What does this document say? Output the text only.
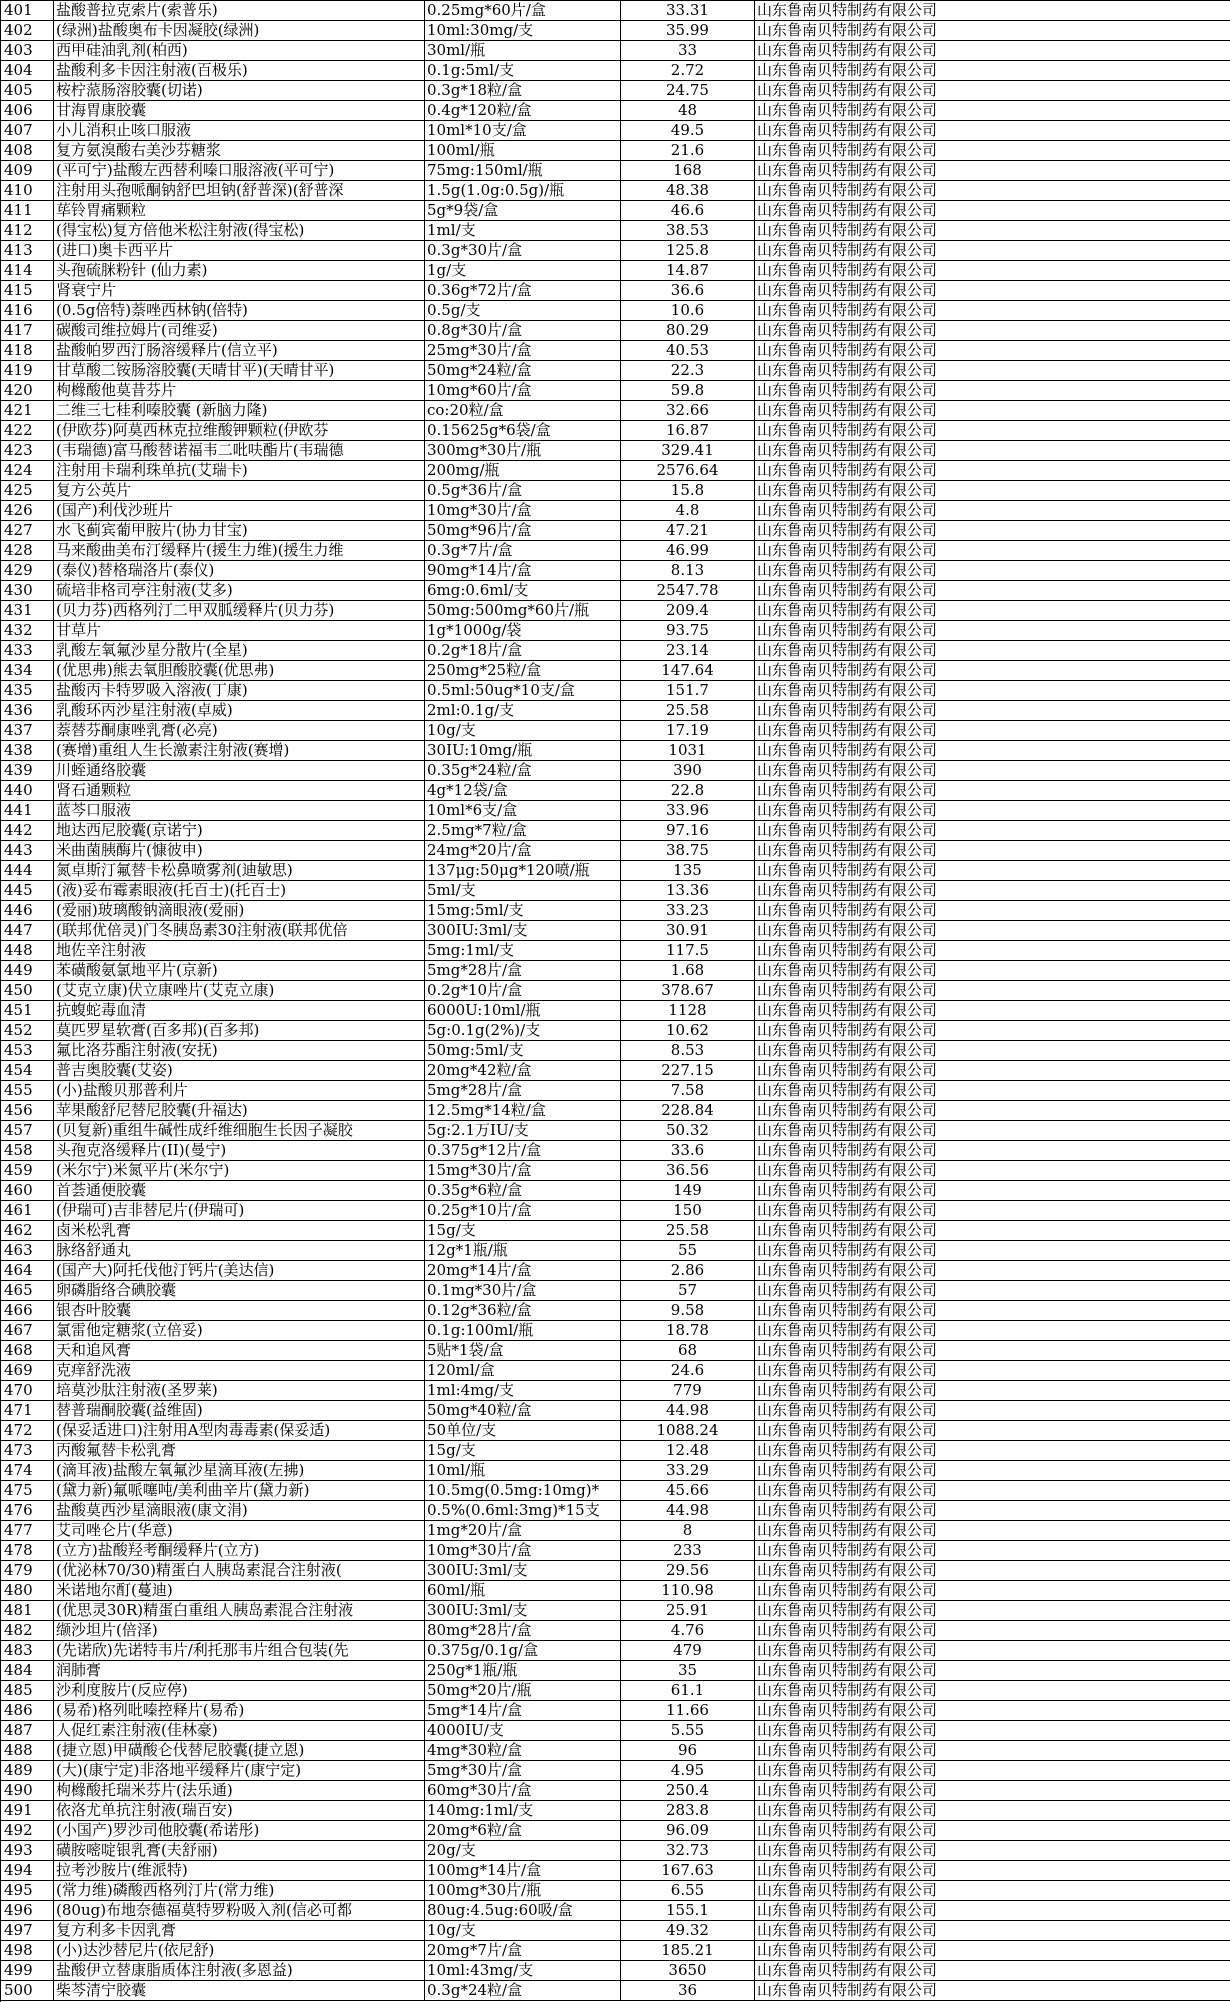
401	盐酸普拉克索片(索普乐)	0.25mg*60片/盒	33.31	山东鲁南贝特制药有限公司
402	(绿洲)盐酸奥布卡因凝胶(绿洲)	10ml:30mg/支	35.99	山东鲁南贝特制药有限公司
403	西甲硅油乳剂(柏西)	30ml/瓶	33	山东鲁南贝特制药有限公司
404	盐酸利多卡因注射液(百极乐)	0.1g:5ml/支	2.72	山东鲁南贝特制药有限公司
405	桉柠蒎肠溶胶囊(切诺)	0.3g*18粒/盒	24.75	山东鲁南贝特制药有限公司
406	甘海胃康胶囊	0.4g*120粒/盒	48	山东鲁南贝特制药有限公司
407	小儿消积止咳口服液	10ml*10支/盒	49.5	山东鲁南贝特制药有限公司
408	复方氨溴酸右美沙芬糖浆	100ml/瓶	21.6	山东鲁南贝特制药有限公司
409	(平可宁)盐酸左西替利嗪口服溶液(平可宁)	75mg:150ml/瓶	168	山东鲁南贝特制药有限公司
410	注射用头孢哌酮钠舒巴坦钠(舒普深)(舒普深	1.5g(1.0g:0.5g)/瓶	48.38	山东鲁南贝特制药有限公司
411	荜铃胃痛颗粒	5g*9袋/盒	46.6	山东鲁南贝特制药有限公司
412	(得宝松)复方倍他米松注射液(得宝松)	1ml/支	38.53	山东鲁南贝特制药有限公司
413	(进口)奥卡西平片	0.3g*30片/盒	125.8	山东鲁南贝特制药有限公司
414	头孢硫脒粉针 (仙力素)	1g/支	14.87	山东鲁南贝特制药有限公司
415	肾衰宁片	0.36g*72片/盒	36.6	山东鲁南贝特制药有限公司
416	(0.5g倍特)萘唑西林钠(倍特)	0.5g/支	10.6	山东鲁南贝特制药有限公司
417	碳酸司维拉姆片(司维妥)	0.8g*30片/盒	80.29	山东鲁南贝特制药有限公司
418	盐酸帕罗西汀肠溶缓释片(信立平)	25mg*30片/盒	40.53	山东鲁南贝特制药有限公司
419	甘草酸二铵肠溶胶囊(天晴甘平)(天晴甘平)	50mg*24粒/盒	22.3	山东鲁南贝特制药有限公司
420	枸橼酸他莫昔芬片	10mg*60片/盒	59.8	山东鲁南贝特制药有限公司
421	二维三七桂利嗪胶囊 (新脑力隆)	co:20粒/盒	32.66	山东鲁南贝特制药有限公司
422	(伊欧芬)阿莫西林克拉维酸钾颗粒(伊欧芬	0.15625g*6袋/盒	16.87	山东鲁南贝特制药有限公司
423	(韦瑞德)富马酸替诺福韦二吡呋酯片(韦瑞德	300mg*30片/瓶	329.41	山东鲁南贝特制药有限公司
424	注射用卡瑞利珠单抗(艾瑞卡)	200mg/瓶	2576.64	山东鲁南贝特制药有限公司
425	复方公英片	0.5g*36片/盒	15.8	山东鲁南贝特制药有限公司
426	(国产)利伐沙班片	10mg*30片/盒	4.8	山东鲁南贝特制药有限公司
427	水飞蓟宾葡甲胺片(协力甘宝)	50mg*96片/盒	47.21	山东鲁南贝特制药有限公司
428	马来酸曲美布汀缓释片(援生力维)(援生力维	0.3g*7片/盒	46.99	山东鲁南贝特制药有限公司
429	(泰仪)替格瑞洛片(泰仪)	90mg*14片/盒	8.13	山东鲁南贝特制药有限公司
430	硫培非格司亭注射液(艾多)	6mg:0.6ml/支	2547.78	山东鲁南贝特制药有限公司
431	(贝力芬)西格列汀二甲双胍缓释片(贝力芬)	50mg:500mg*60片/瓶	209.4	山东鲁南贝特制药有限公司
432	甘草片	1g*1000g/袋	93.75	山东鲁南贝特制药有限公司
433	乳酸左氧氟沙星分散片(全星)	0.2g*18片/盒	23.14	山东鲁南贝特制药有限公司
434	(优思弗)熊去氧胆酸胶囊(优思弗)	250mg*25粒/盒	147.64	山东鲁南贝特制药有限公司
435	盐酸丙卡特罗吸入溶液(丁康)	0.5ml:50ug*10支/盒	151.7	山东鲁南贝特制药有限公司
436	乳酸环丙沙星注射液(卓威)	2ml:0.1g/支	25.58	山东鲁南贝特制药有限公司
437	萘替芬酮康唑乳膏(必亮)	10g/支	17.19	山东鲁南贝特制药有限公司
438	(赛增)重组人生长激素注射液(赛增)	30IU:10mg/瓶	1031	山东鲁南贝特制药有限公司
439	川蛭通络胶囊	0.35g*24粒/盒	390	山东鲁南贝特制药有限公司
440	肾石通颗粒	4g*12袋/盒	22.8	山东鲁南贝特制药有限公司
441	蓝芩口服液	10ml*6支/盒	33.96	山东鲁南贝特制药有限公司
442	地达西尼胶囊(京诺宁)	2.5mg*7粒/盒	97.16	山东鲁南贝特制药有限公司
443	米曲菌胰酶片(慷彼申)	24mg*20片/盒	38.75	山东鲁南贝特制药有限公司
444	氮卓斯汀氟替卡松鼻喷雾剂(迪敏思)	137μg:50μg*120喷/瓶	135	山东鲁南贝特制药有限公司
445	(液)妥布霉素眼液(托百士)(托百士)	5ml/支	13.36	山东鲁南贝特制药有限公司
446	(爱丽)玻璃酸钠滴眼液(爱丽)	15mg:5ml/支	33.23	山东鲁南贝特制药有限公司
447	(联邦优倍灵)门冬胰岛素30注射液(联邦优倍	300IU:3ml/支	30.91	山东鲁南贝特制药有限公司
448	地佐辛注射液	5mg:1ml/支	117.5	山东鲁南贝特制药有限公司
449	苯磺酸氨氯地平片(京新)	5mg*28片/盒	1.68	山东鲁南贝特制药有限公司
450	(艾克立康)伏立康唑片(艾克立康)	0.2g*10片/盒	378.67	山东鲁南贝特制药有限公司
451	抗蝮蛇毒血清	6000U:10ml/瓶	1128	山东鲁南贝特制药有限公司
452	莫匹罗星软膏(百多邦)(百多邦)	5g:0.1g(2%)/支	10.62	山东鲁南贝特制药有限公司
453	氟比洛芬酯注射液(安抚)	50mg:5ml/支	8.53	山东鲁南贝特制药有限公司
454	普吉奥胶囊(艾姿)	20mg*42粒/盒	227.15	山东鲁南贝特制药有限公司
455	(小)盐酸贝那普利片	5mg*28片/盒	7.58	山东鲁南贝特制药有限公司
456	苹果酸舒尼替尼胶囊(升福达)	12.5mg*14粒/盒	228.84	山东鲁南贝特制药有限公司
457	(贝复新)重组牛碱性成纤维细胞生长因子凝胶	5g:2.1万IU/支	50.32	山东鲁南贝特制药有限公司
458	头孢克洛缓释片(II)(曼宁)	0.375g*12片/盒	33.6	山东鲁南贝特制药有限公司
459	(米尔宁)米氮平片(米尔宁)	15mg*30片/盒	36.56	山东鲁南贝特制药有限公司
460	首荟通便胶囊	0.35g*6粒/盒	149	山东鲁南贝特制药有限公司
461	(伊瑞可)吉非替尼片(伊瑞可)	0.25g*10片/盒	150	山东鲁南贝特制药有限公司
462	卤米松乳膏	15g/支	25.58	山东鲁南贝特制药有限公司
463	脉络舒通丸	12g*1瓶/瓶	55	山东鲁南贝特制药有限公司
464	(国产大)阿托伐他汀钙片(美达信)	20mg*14片/盒	2.86	山东鲁南贝特制药有限公司
465	卵磷脂络合碘胶囊	0.1mg*30片/盒	57	山东鲁南贝特制药有限公司
466	银杏叶胶囊	0.12g*36粒/盒	9.58	山东鲁南贝特制药有限公司
467	氯雷他定糖浆(立倍妥)	0.1g:100ml/瓶	18.78	山东鲁南贝特制药有限公司
468	天和追风膏	5贴*1袋/盒	68	山东鲁南贝特制药有限公司
469	克痒舒洗液	120ml/盒	24.6	山东鲁南贝特制药有限公司
470	培莫沙肽注射液(圣罗莱)	1ml:4mg/支	779	山东鲁南贝特制药有限公司
471	替普瑞酮胶囊(益维固)	50mg*40粒/盒	44.98	山东鲁南贝特制药有限公司
472	(保妥适进口)注射用A型肉毒毒素(保妥适)	50单位/支	1088.24	山东鲁南贝特制药有限公司
473	丙酸氟替卡松乳膏	15g/支	12.48	山东鲁南贝特制药有限公司
474	(滴耳液)盐酸左氧氟沙星滴耳液(左拂)	10ml/瓶	33.29	山东鲁南贝特制药有限公司
475	(黛力新)氟哌噻吨/美利曲辛片(黛力新)	10.5mg(0.5mg:10mg)*	45.66	山东鲁南贝特制药有限公司
476	盐酸莫西沙星滴眼液(康文涓)	0.5%(0.6ml:3mg)*15支	44.98	山东鲁南贝特制药有限公司
477	艾司唑仑片(华意)	1mg*20片/盒	8	山东鲁南贝特制药有限公司
478	(立方)盐酸羟考酮缓释片(立方)	10mg*30片/盒	233	山东鲁南贝特制药有限公司
479	(优泌林70/30)精蛋白人胰岛素混合注射液(	300IU:3ml/支	29.56	山东鲁南贝特制药有限公司
480	米诺地尔酊(蔓迪)	60ml/瓶	110.98	山东鲁南贝特制药有限公司
481	(优思灵30R)精蛋白重组人胰岛素混合注射液	300IU:3ml/支	25.91	山东鲁南贝特制药有限公司
482	缬沙坦片(倍泽)	80mg*28片/盒	4.76	山东鲁南贝特制药有限公司
483	(先诺欣)先诺特韦片/利托那韦片组合包装(先	0.375g/0.1g/盒	479	山东鲁南贝特制药有限公司
484	润肺膏	250g*1瓶/瓶	35	山东鲁南贝特制药有限公司
485	沙利度胺片(反应停)	50mg*20片/瓶	61.1	山东鲁南贝特制药有限公司
486	(易希)格列吡嗪控释片(易希)	5mg*14片/盒	11.66	山东鲁南贝特制药有限公司
487	人促红素注射液(佳林豪)	4000IU/支	5.55	山东鲁南贝特制药有限公司
488	(捷立恩)甲磺酸仑伐替尼胶囊(捷立恩)	4mg*30粒/盒	96	山东鲁南贝特制药有限公司
489	(大)(康宁定)非洛地平缓释片(康宁定)	5mg*30片/盒	4.95	山东鲁南贝特制药有限公司
490	枸橼酸托瑞米芬片(法乐通)	60mg*30片/盒	250.4	山东鲁南贝特制药有限公司
491	依洛尤单抗注射液(瑞百安)	140mg:1ml/支	283.8	山东鲁南贝特制药有限公司
492	(小国产)罗沙司他胶囊(希诺彤)	20mg*6粒/盒	96.09	山东鲁南贝特制药有限公司
493	磺胺嘧啶银乳膏(夫舒丽)	20g/支	32.73	山东鲁南贝特制药有限公司
494	拉考沙胺片(维派特)	100mg*14片/盒	167.63	山东鲁南贝特制药有限公司
495	(常力维)磷酸西格列汀片(常力维)	100mg*30片/瓶	6.55	山东鲁南贝特制药有限公司
496	(80ug)布地奈德福莫特罗粉吸入剂(信必可都	80ug:4.5ug:60吸/盒	155.1	山东鲁南贝特制药有限公司
497	复方利多卡因乳膏	10g/支	49.32	山东鲁南贝特制药有限公司
498	(小)达沙替尼片(依尼舒)	20mg*7片/盒	185.21	山东鲁南贝特制药有限公司
499	盐酸伊立替康脂质体注射液(多恩益)	10ml:43mg/支	3650	山东鲁南贝特制药有限公司
500	柴芩清宁胶囊	0.3g*24粒/盒	36	山东鲁南贝特制药有限公司
